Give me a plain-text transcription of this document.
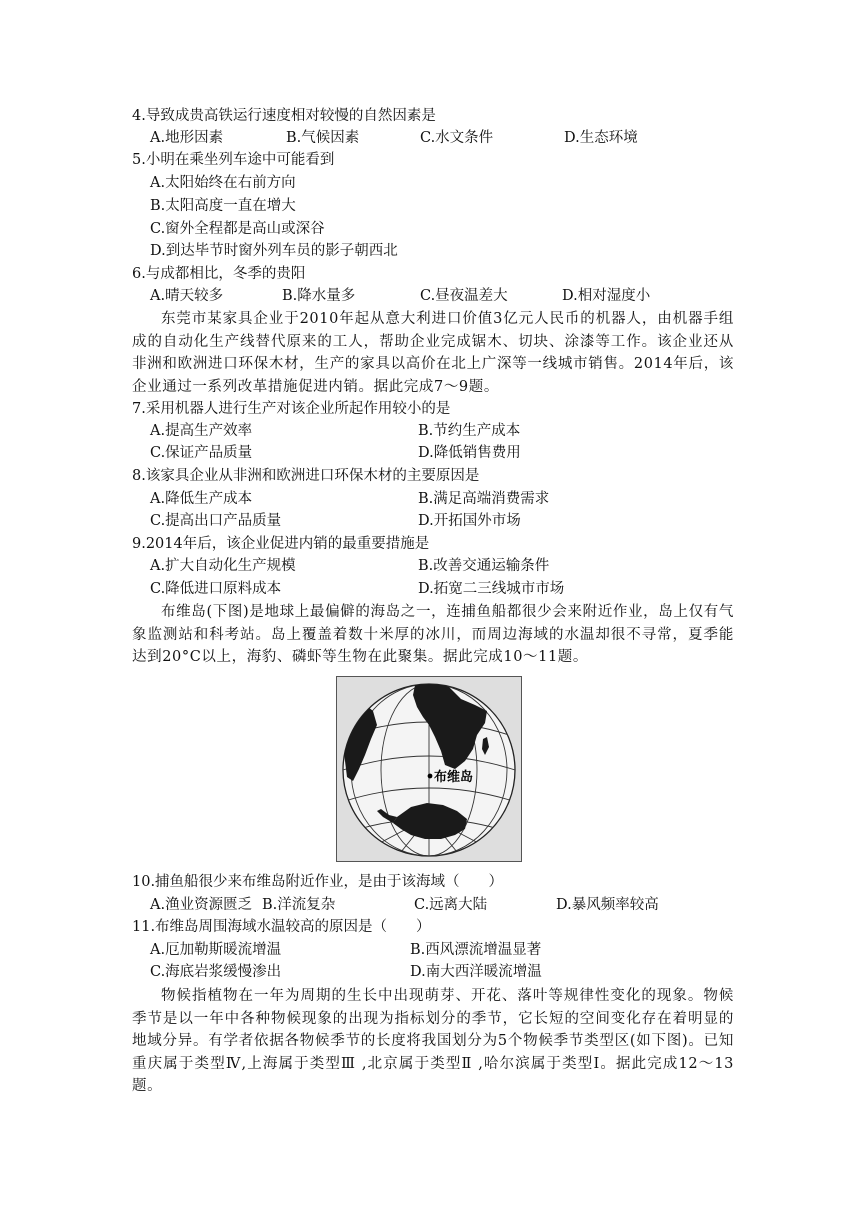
4.导致成贵高铁运行速度相对较慢的自然因素是
A.地形因素	B.气候因素	C.水文条件	D.生态环境
5.小明在乘坐列车途中可能看到
A.太阳始终在右前方向
B.太阳高度一直在增大
C.窗外全程都是高山或深谷
D.到达毕节时窗外列车员的影子朝西北
6.与成都相比，冬季的贵阳
A.晴天较多	B.降水量多	C.昼夜温差大	D.相对湿度小
东莞市某家具企业于2010年起从意大利进口价值3亿元人民币的机器人，由机器手组成的自动化生产线替代原来的工人，帮助企业完成锯木、切块、涂漆等工作。该企业还从非洲和欧洲进口环保木材，生产的家具以高价在北上广深等一线城市销售。2014年后，该企业通过一系列改革措施促进内销。据此完成7～9题。
7.采用机器人进行生产对该企业所起作用较小的是
A.提高生产效率	B.节约生产成本
C.保证产品质量	D.降低销售费用
8.该家具企业从非洲和欧洲进口环保木材的主要原因是
A.降低生产成本	B.满足高端消费需求
C.提高出口产品质量	D.开拓国外市场
9.2014年后，该企业促进内销的最重要措施是
A.扩大自动化生产规模	B.改善交通运输条件
C.降低进口原料成本	D.拓宽二三线城市市场
布维岛(下图)是地球上最偏僻的海岛之一，连捕鱼船都很少会来附近作业，岛上仅有气象监测站和科考站。岛上覆盖着数十米厚的冰川，而周边海域的水温却很不寻常，夏季能达到20°C以上，海豹、磷虾等生物在此聚集。据此完成10～11题。
布维岛
10.捕鱼船很少来布维岛附近作业，是由于该海域（　　）
A.渔业资源匮乏 B.洋流复杂	C.远离大陆	D.暴风频率较高
11.布维岛周围海域水温较高的原因是（　　）
A.厄加勒斯暖流增温	B.西风漂流增温显著
C.海底岩浆缓慢渗出	D.南大西洋暖流增温
物候指植物在一年为周期的生长中出现萌芽、开花、落叶等规律性变化的现象。物候季节是以一年中各种物候现象的出现为指标划分的季节，它长短的空间变化存在着明显的地域分异。有学者依据各物候季节的长度将我国划分为5个物候季节类型区(如下图)。已知重庆属于类型Ⅳ,上海属于类型Ⅲ ,北京属于类型Ⅱ ,哈尔滨属于类型Ⅰ。据此完成12～13题。
